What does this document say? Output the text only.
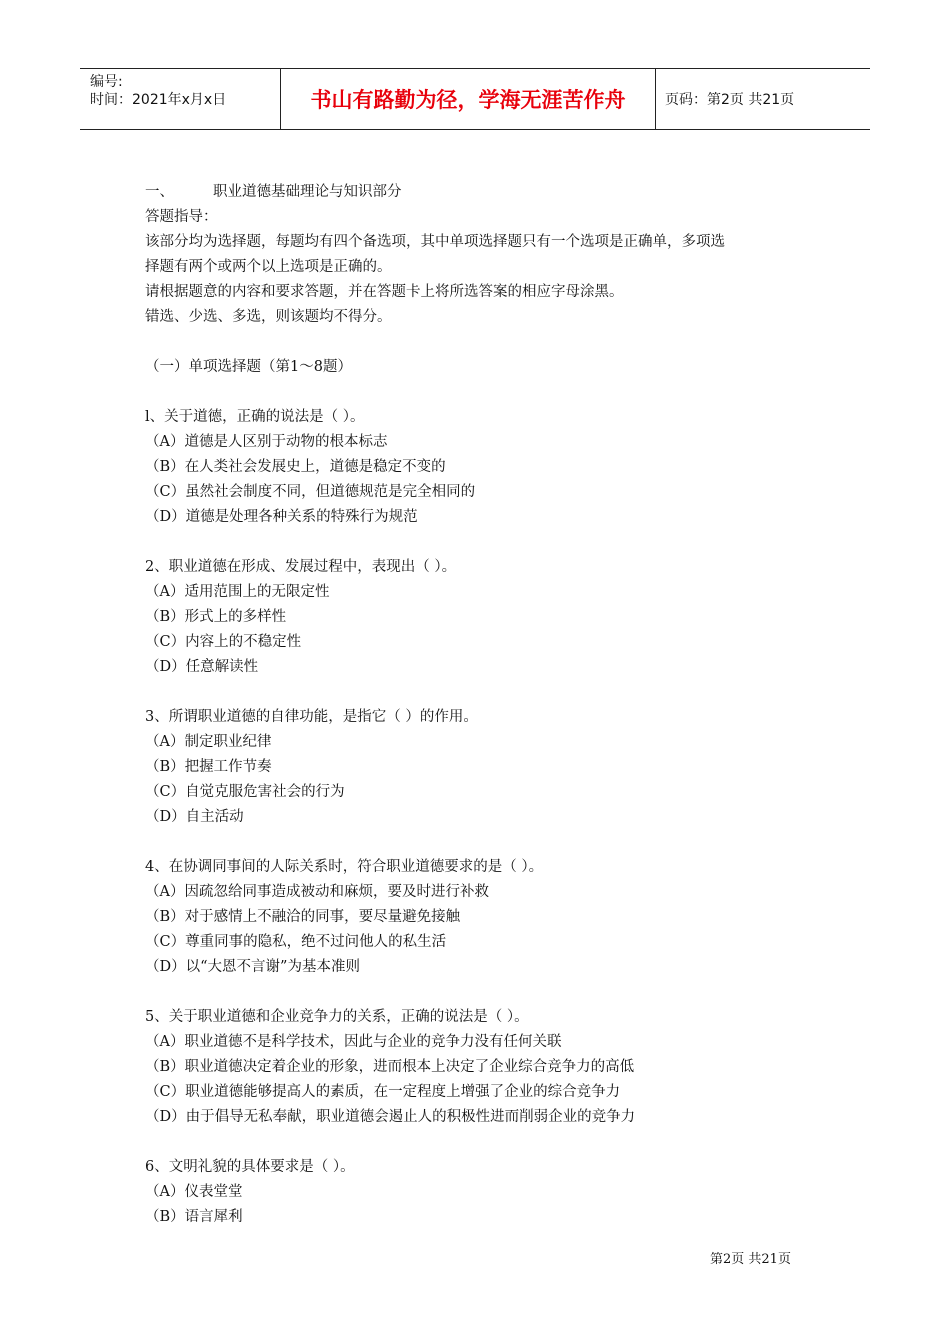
编号:
时间：2021年x月x日	书山有路勤为径，学海无涯苦作舟	页码：第2页 共21页
一、	职业道德基础理论与知识部分
答题指导：
该部分均为选择题，每题均有四个备选项，其中单项选择题只有一个选项是正确单，多项选
择题有两个或两个以上选项是正确的。
请根据题意的内容和要求答题，并在答题卡上将所选答案的相应字母涂黑。
错选、少选、多选，则该题均不得分。
（一）单项选择题（第1～8题）
l、关于道德，正确的说法是（ ）。
（A）道德是人区别于动物的根本标志
（B）在人类社会发展史上，道德是稳定不变的
（C）虽然社会制度不同，但道德规范是完全相同的
（D）道德是处理各种关系的特殊行为规范
2、职业道德在形成、发展过程中，表现出（ ）。
（A）适用范围上的无限定性
（B）形式上的多样性
（C）内容上的不稳定性
（D）任意解读性
3、所谓职业道德的自律功能，是指它（ ）的作用。
（A）制定职业纪律
（B）把握工作节奏
（C）自觉克服危害社会的行为
（D）自主活动
4、在协调同事间的人际关系时，符合职业道德要求的是（ ）。
（A）因疏忽给同事造成被动和麻烦，要及时进行补救
（B）对于感情上不融洽的同事，要尽量避免接触
（C）尊重同事的隐私，绝不过问他人的私生活
（D）以“大恩不言谢”为基本准则
5、关于职业道德和企业竞争力的关系，正确的说法是（ ）。
（A）职业道德不是科学技术，因此与企业的竞争力没有任何关联
（B）职业道德决定着企业的形象，进而根本上决定了企业综合竞争力的高低
（C）职业道德能够提高人的素质，在一定程度上增强了企业的综合竞争力
（D）由于倡导无私奉献，职业道德会遏止人的积极性进而削弱企业的竞争力
6、文明礼貌的具体要求是（ ）。
（A）仪表堂堂
（B）语言犀利
第2页 共21页
